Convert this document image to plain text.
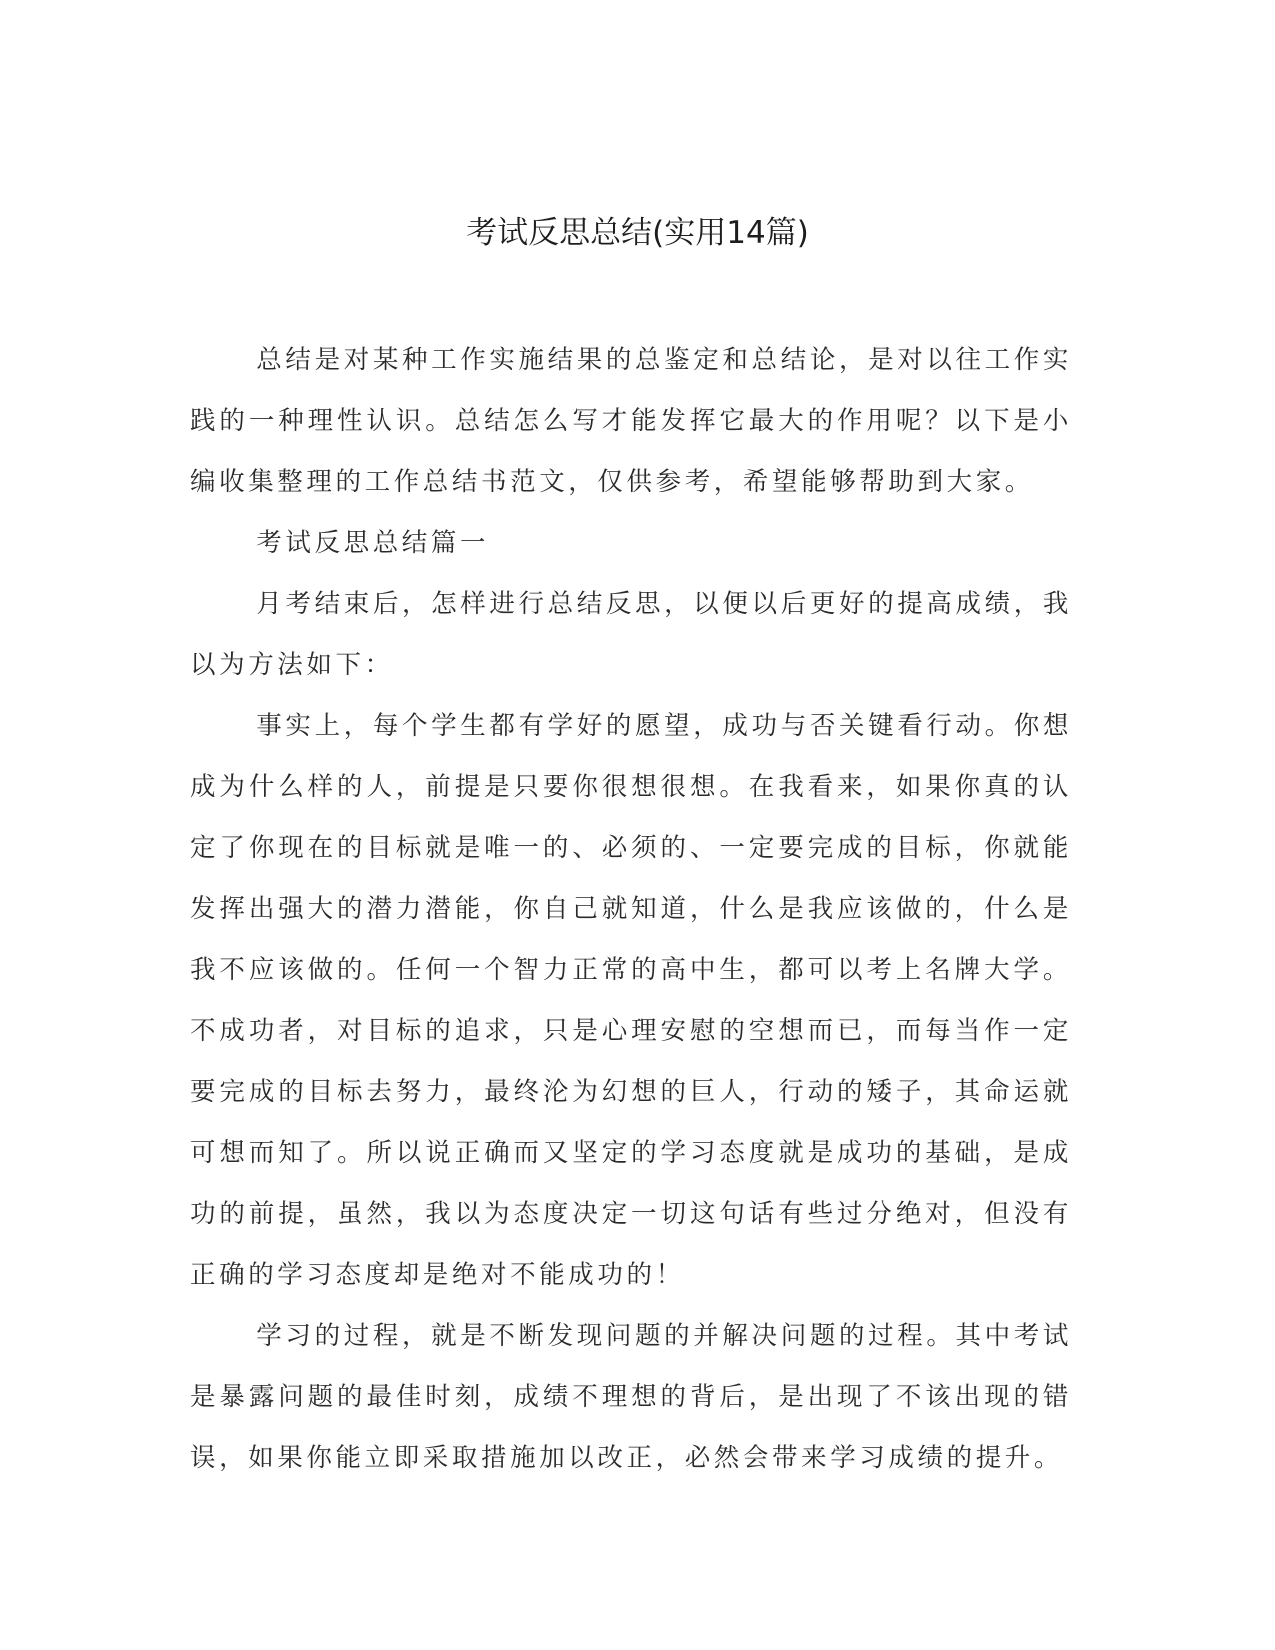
考试反思总结(实用14篇)

总结是对某种工作实施结果的总鉴定和总结论，是对以往工作实践的一种理性认识。总结怎么写才能发挥它最大的作用呢？以下是小编收集整理的工作总结书范文，仅供参考，希望能够帮助到大家。

考试反思总结篇一

月考结束后，怎样进行总结反思，以便以后更好的提高成绩，我以为方法如下：

事实上，每个学生都有学好的愿望，成功与否关键看行动。你想成为什么样的人，前提是只要你很想很想。在我看来，如果你真的认定了你现在的目标就是唯一的、必须的、一定要完成的目标，你就能发挥出强大的潜力潜能，你自己就知道，什么是我应该做的，什么是我不应该做的。任何一个智力正常的高中生，都可以考上名牌大学。不成功者，对目标的追求，只是心理安慰的空想而已，而每当作一定要完成的目标去努力，最终沦为幻想的巨人，行动的矮子，其命运就可想而知了。所以说正确而又坚定的学习态度就是成功的基础，是成功的前提，虽然，我以为态度决定一切这句话有些过分绝对，但没有正确的学习态度却是绝对不能成功的！

学习的过程，就是不断发现问题的并解决问题的过程。其中考试是暴露问题的最佳时刻，成绩不理想的背后，是出现了不该出现的错误，如果你能立即采取措施加以改正，必然会带来学习成绩的提升。
